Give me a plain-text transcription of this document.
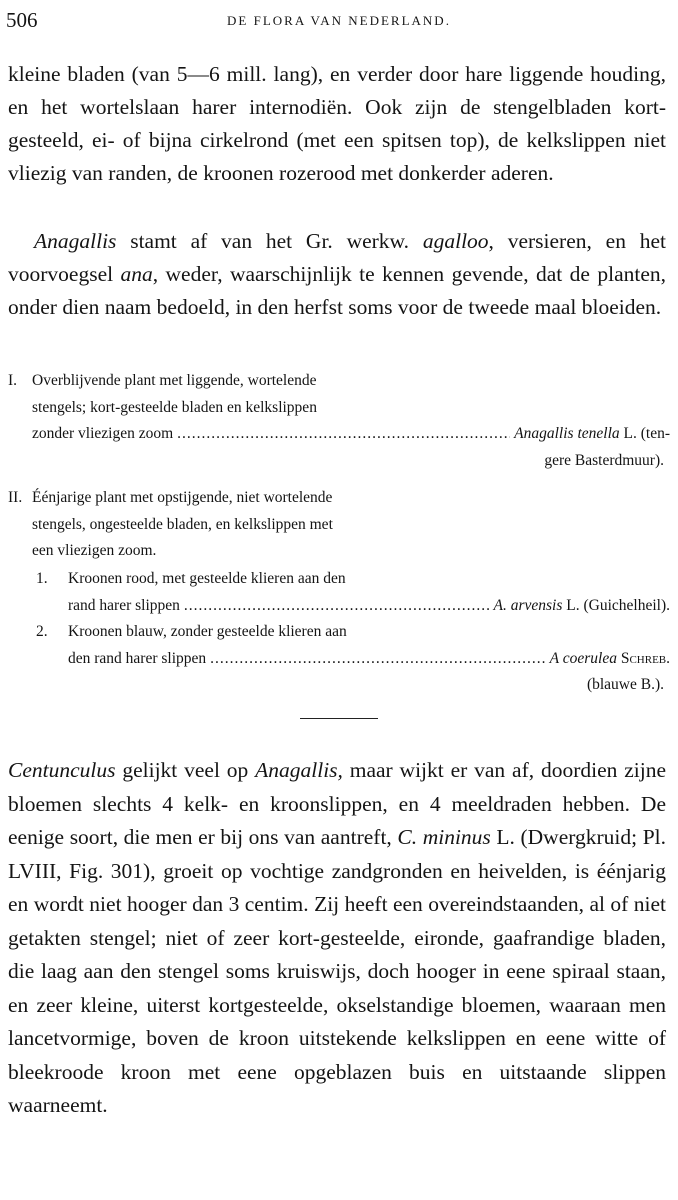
506	DE FLORA VAN NEDERLAND.

kleine bladen (van 5—6 mill. lang), en verder door hare liggende houding, en het wortelslaan harer internodiën. Ook zijn de stengelbladen kort-gesteeld, ei- of bijna cirkelrond (met een spitsen top), de kelkslippen niet vliezig van randen, de kroonen rozerood met donkerder aderen.

Anagallis stamt af van het Gr. werkw. agalloo, versieren, en het voorvoegsel ana, weder, waarschijnlijk te kennen gevende, dat de planten, onder dien naam bedoeld, in den herfst soms voor de tweede maal bloeiden.

I. Overblijvende plant met liggende, wortelende
stengels; kort-gesteelde bladen en kelkslippen
zonder vliezigen zoom .....	Anagallis tenella L. (ten-
gere Basterdmuur).
II. Éénjarige plant met opstijgende, niet wortelende
stengels, ongesteelde bladen, en kelkslippen met
een vliezigen zoom.
1. Kroonen rood, met gesteelde klieren aan den
rand harer slippen .....	A. arvensis L. (Guichelheil).
2. Kroonen blauw, zonder gesteelde klieren aan
den rand harer slippen .....	A coerulea Schreb.
(blauwe B.).

Centunculus gelijkt veel op Anagallis, maar wijkt er van af, doordien zijne bloemen slechts 4 kelk- en kroonslippen, en 4 meeldraden hebben. De eenige soort, die men er bij ons van aantreft, C. mininus L. (Dwergkruid; Pl. LVIII, Fig. 301), groeit op vochtige zandgronden en heivelden, is éénjarig en wordt niet hooger dan 3 centim. Zij heeft een overeindstaanden, al of niet getakten stengel; niet of zeer kort-gesteelde, eironde, gaafrandige bladen, die laag aan den stengel soms kruiswijs, doch hooger in eene spiraal staan, en zeer kleine, uiterst kortgesteelde, okselstandige bloemen, waaraan men lancetvormige, boven de kroon uitstekende kelkslippen en eene witte of bleekroode kroon met eene opgeblazen buis en uitstaande slippen waarneemt.
